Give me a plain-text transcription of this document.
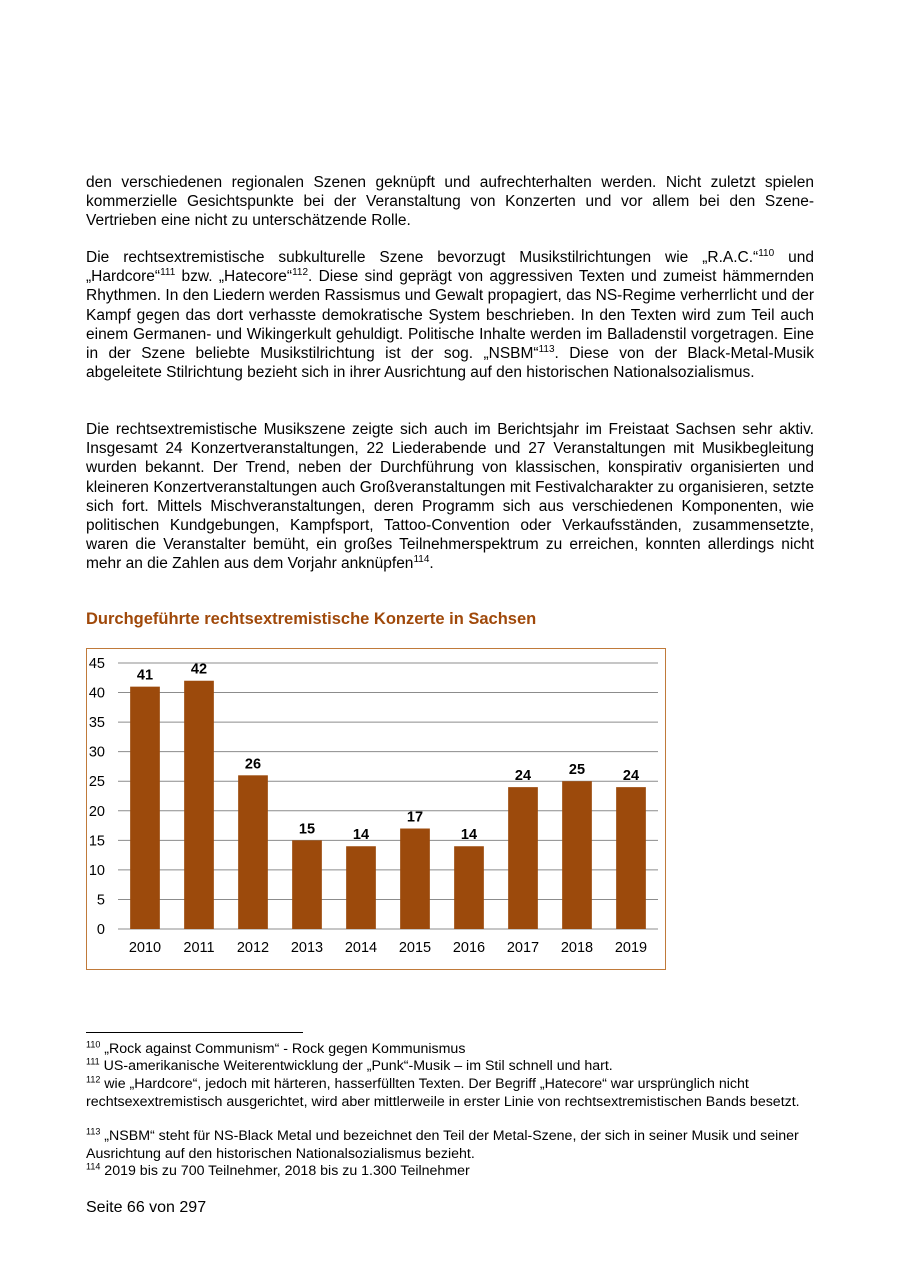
den verschiedenen regionalen Szenen geknüpft und aufrechterhalten werden. Nicht zuletzt spielen kommerzielle Gesichtspunkte bei der Veranstaltung von Konzerten und vor allem bei den Szene-Vertrieben eine nicht zu unterschätzende Rolle.

Die rechtsextremistische subkulturelle Szene bevorzugt Musikstilrichtungen wie „R.A.C.“$^{110}$ und „Hardcore“$^{111}$ bzw. „Hatecore“$^{112}$. Diese sind geprägt von aggressiven Texten und zumeist hämmernden Rhythmen. In den Liedern werden Rassismus und Gewalt propagiert, das NS-Regime verherrlicht und der Kampf gegen das dort verhasste demokratische System beschrieben. In den Texten wird zum Teil auch einem Germanen- und Wikingerkult gehuldigt. Politische Inhalte werden im Balladenstil vorgetragen. Eine in der Szene beliebte Musikstilrichtung ist der sog. „NSBM“$^{113}$. Diese von der Black-Metal-Musik abgeleitete Stilrichtung bezieht sich in ihrer Ausrichtung auf den historischen Nationalsozialismus.

Die rechtsextremistische Musikszene zeigte sich auch im Berichtsjahr im Freistaat Sachsen sehr aktiv. Insgesamt 24 Konzertveranstaltungen, 22 Liederabende und 27 Veranstaltungen mit Musikbegleitung wurden bekannt. Der Trend, neben der Durchführung von klassischen, konspirativ organisierten und kleineren Konzertveranstaltungen auch Großveranstaltungen mit Festivalcharakter zu organisieren, setzte sich fort. Mittels Mischveranstaltungen, deren Programm sich aus verschiedenen Komponenten, wie politischen Kundgebungen, Kampfsport, Tattoo-Convention oder Verkaufsständen, zusammensetzte, waren die Veranstalter bemüht, ein großes Teilnehmerspektrum zu erreichen, konnten allerdings nicht mehr an die Zahlen aus dem Vorjahr anknüpfen$^{114}$.

Durchgeführte rechtsextremistische Konzerte in Sachsen
0
5
10
15
20
25
30
35
40
45
41
2010
42
2011
26
2012
15
2013
14
2014
17
2015
14
2016
24
2017
25
2018
24
2019

$^{110}$ „Rock against Communism“ - Rock gegen Kommunismus

$^{111}$ US-amerikanische Weiterentwicklung der „Punk“-Musik – im Stil schnell und hart.

$^{112}$ wie „Hardcore“, jedoch mit härteren, hasserfüllten Texten. Der Begriff „Hatecore“ war ursprünglich nicht rechtsexextremistisch ausgerichtet, wird aber mittlerweile in erster Linie von rechtsextremistischen Bands besetzt.

$^{113}$ „NSBM“ steht für NS-Black Metal und bezeichnet den Teil der Metal-Szene, der sich in seiner Musik und seiner Ausrichtung auf den historischen Nationalsozialismus bezieht.

$^{114}$ 2019 bis zu 700 Teilnehmer, 2018 bis zu 1.300 Teilnehmer

Seite 66 von 297
